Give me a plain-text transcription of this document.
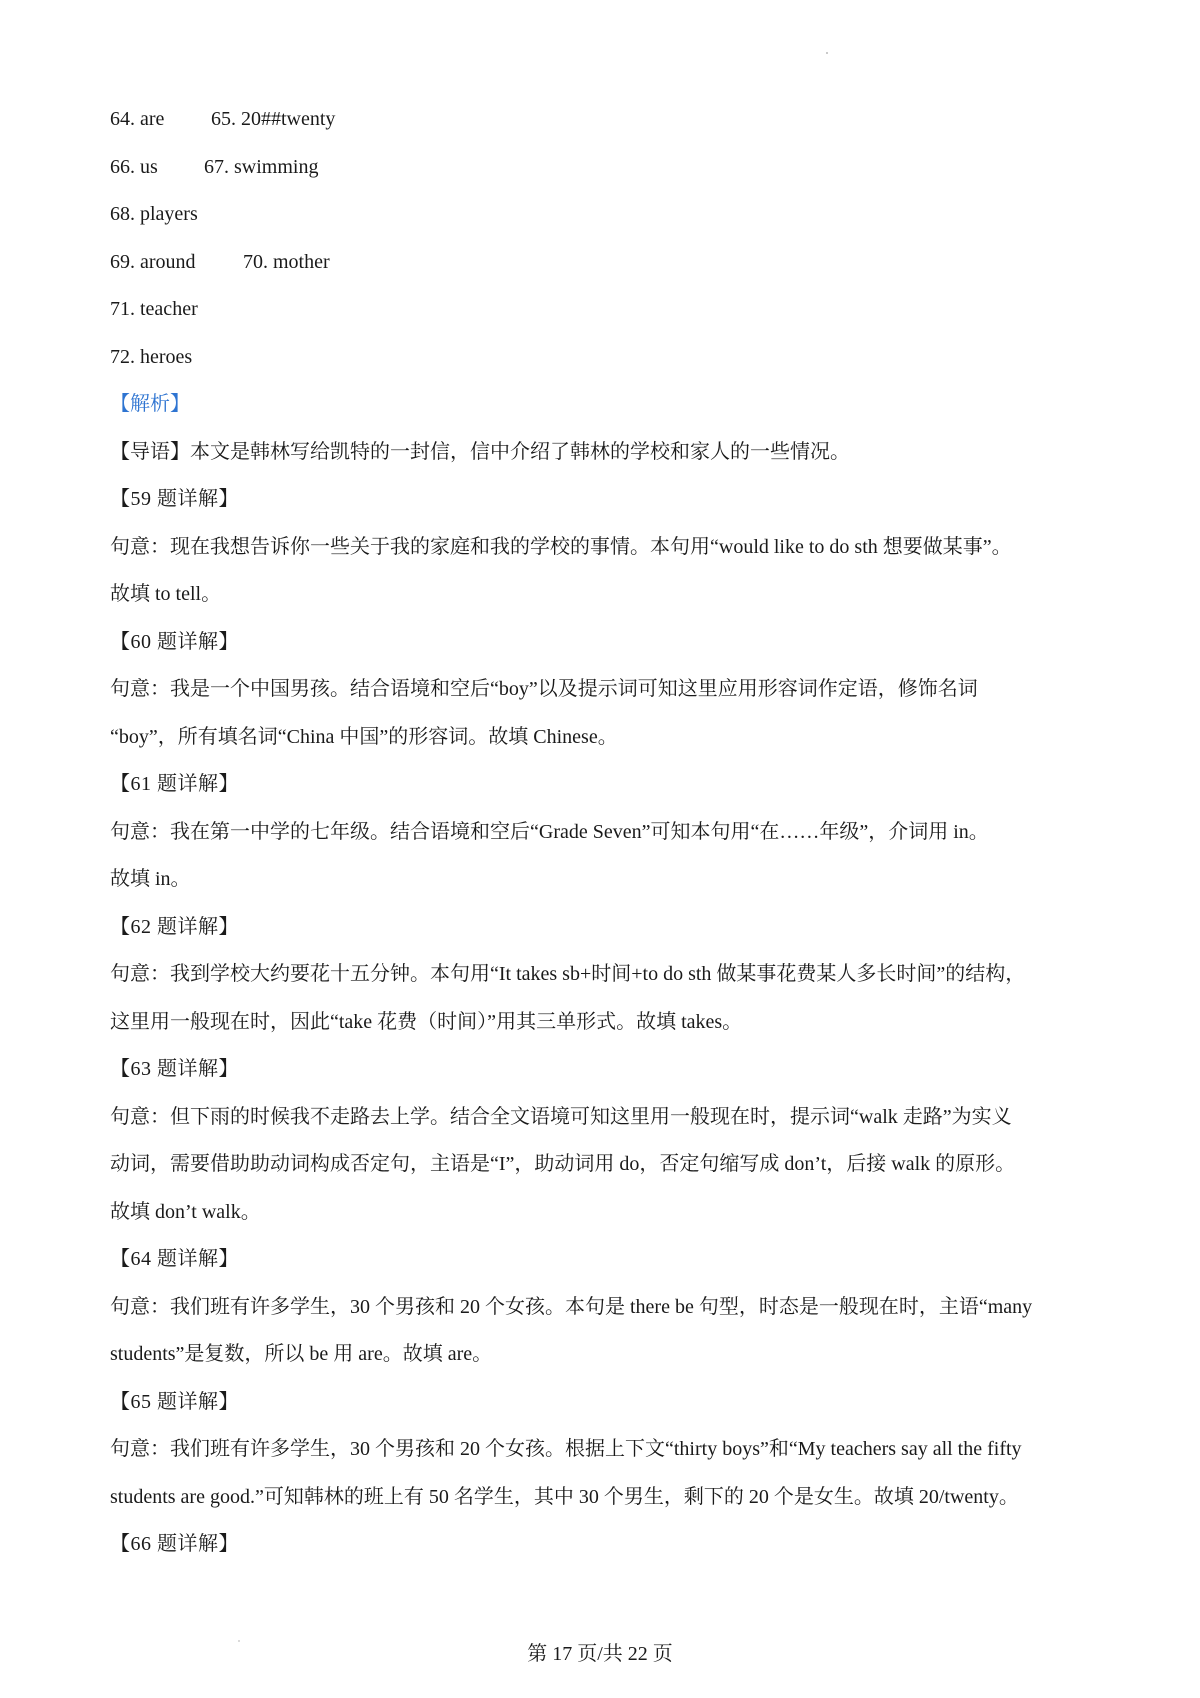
64. are 65. 20##twenty
66. us 67. swimming
68. players
69. around 70. mother
71. teacher
72. heroes
【解析】
【导语】本文是韩林写给凯特的一封信，信中介绍了韩林的学校和家人的一些情况。
【59 题详解】
句意：现在我想告诉你一些关于我的家庭和我的学校的事情。本句用“would like to do sth 想要做某事”。
故填 to tell。
【60 题详解】
句意：我是一个中国男孩。结合语境和空后“boy”以及提示词可知这里应用形容词作定语，修饰名词
“boy”，所有填名词“China 中国”的形容词。故填 Chinese。
【61 题详解】
句意：我在第一中学的七年级。结合语境和空后“Grade Seven”可知本句用“在……年级”，介词用 in。
故填 in。
【62 题详解】
句意：我到学校大约要花十五分钟。本句用“It takes sb+时间+to do sth 做某事花费某人多长时间”的结构，
这里用一般现在时，因此“take 花费（时间）”用其三单形式。故填 takes。
【63 题详解】
句意：但下雨的时候我不走路去上学。结合全文语境可知这里用一般现在时，提示词“walk 走路”为实义
动词，需要借助助动词构成否定句，主语是“I”，助动词用 do，否定句缩写成 don’t，后接 walk 的原形。
故填 don’t walk。
【64 题详解】
句意：我们班有许多学生，30 个男孩和 20 个女孩。本句是 there be 句型，时态是一般现在时，主语“many
students”是复数，所以 be 用 are。故填 are。
【65 题详解】
句意：我们班有许多学生，30 个男孩和 20 个女孩。根据上下文“thirty boys”和“My teachers say all the fifty
students are good.”可知韩林的班上有 50 名学生，其中 30 个男生，剩下的 20 个是女生。故填 20/twenty。
【66 题详解】
第 17 页/共 22 页
